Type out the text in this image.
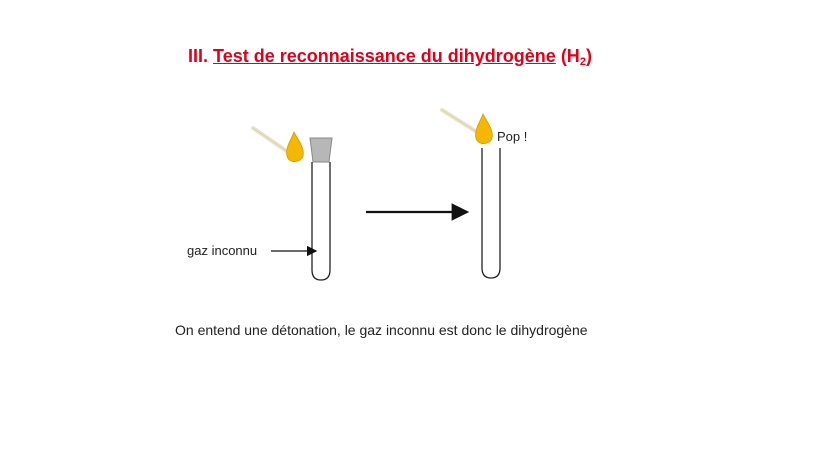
III. Test de reconnaissance du dihydrogène $(H_2)$
gaz inconnu
Pop !
On entend une détonation, le gaz inconnu est donc le dihydrogène
